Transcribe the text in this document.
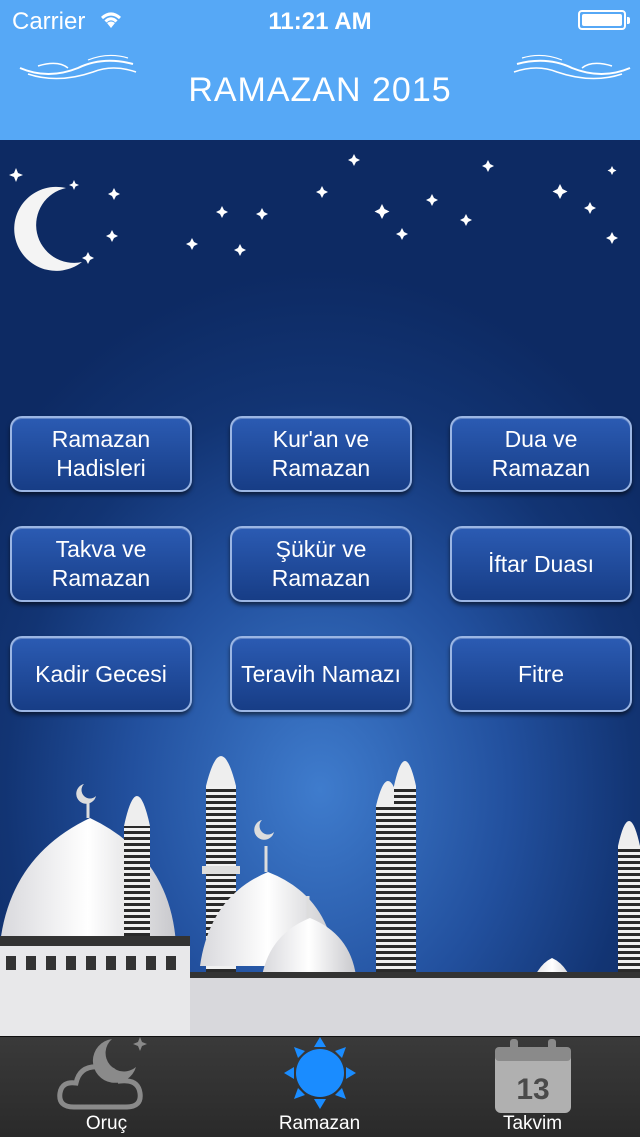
Carrier	11:21 AM
RAMAZAN 2015
Ramazan
Hadisleri
Kur'an ve
Ramazan
Dua ve
Ramazan
Takva ve
Ramazan
Şükür ve
Ramazan
İftar Duası
Kadir Gecesi	Teravih Namazı	Fitre
Oruç	Ramazan
13
Takvim
